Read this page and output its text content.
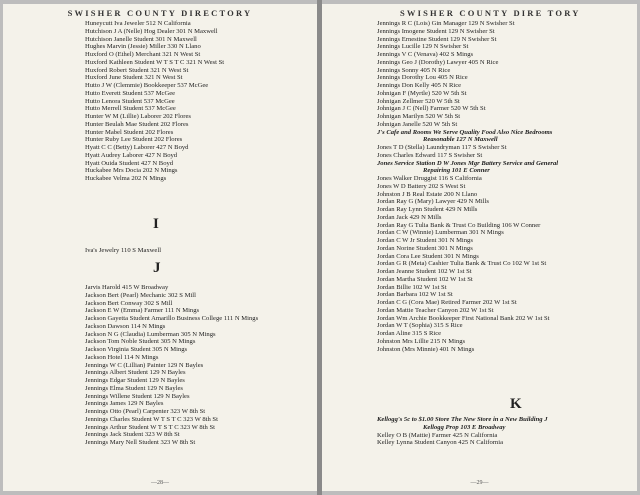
SWISHER COUNTY DIRECTORY
Huneycutt Iva Jeweler 512 N California
Hutchison J A (Nelle) Hog Dealer 301 N Maxwell
Hutchison Janelle Student 301 N Maxwell
Hughes Marvin (Jessie) Miller 330 N Llano
Huxford O (Ethel) Merchant 321 N West St
Huxford Kathleen Student W T S T C 321 N West St
Huxford Robert Student 321 N West St
Huxford June Student 321 N West St
Hutto J W (Clemmie) Bookkeeper 537 McGee
Hutto Everett Student 537 McGee
Hutto Lenora Student 537 McGee
Hutto Merrell Student 537 McGee
Hunter W M (Lillie) Laborer 202 Flores
Hunter Beulah Mae Student 202 Flores
Hunter Mabel Student 202 Flores
Hunter Ruby Lee Student 202 Flores
Hyatt C C (Betty) Laborer 427 N Boyd
Hyatt Audrey Laborer 427 N Boyd
Hyatt Ouida Student 427 N Boyd
Huckabee Mrs Docia 202 N Mings
Huckabee Velma 202 N Mings
I
Iva's Jewelry 110 S Maxwell
J
Jarvis Harold 415 W Broadway
Jackson Bert (Pearl) Mechanic 302 S Mill
Jackson Bert Conway 302 S Mill
Jackson E W (Emma) Farmer 111 N Mings
Jackson Gayetta Student Amarillo Business College 111 N Mings
Jackson Dawson 114 N Mings
Jackson N G (Claudia) Lumberman 305 N Mings
Jackson Tom Noble Student 305 N Mings
Jackson Virginia Student 305 N Mings
Jackson Hotel 114 N Mings
Jennings W C (Lillian) Painter 129 N Bayles
Jennings Albert Student 129 N Bayles
Jennings Edgar Student 129 N Bayles
Jennings Elma Student 129 N Bayles
Jennings Willene Student 129 N Bayles
Jennings James 129 N Bayles
Jennings Otto (Pearl) Carpenter 323 W 8th St
Jennings Charles Student W T S T C 323 W 8th St
Jennings Arthur Student W T S T C 323 W 8th St
Jennings Jack Student 323 W 8th St
Jennings Mary Nell Student 323 W 8th St
—28—
SWISHER COUNTY DIRE TORY
Jennings R C (Lois) Gin Manager 129 N Swisher St
Jennings Imogene Student 129 N Swisher St
Jennings Ernestine Student 129 N Swisher St
Jennings Lucille 129 N Swisher St
Jennings V C (Venava) 402 S Mings
Jennings Geo J (Dorothy) Lawyer 405 N Rice
Jennings Sonny 405 N Rice
Jennings Dorothy Lou 405 N Rice
Jennings Don Kelly 405 N Rice
Johnigan F (Myrtle) 520 W 5th St
Johnigan Zellmer 520 W 5th St
Johnigan J C (Nell) Farmer 520 W 5th St
Johnigan Marilyn 520 W 5th St
Johnigan Janelle 520 W 5th St
J's Cafe and Rooms We Serve Quality Food Also Nice Bedrooms
Reasonable 127 N Maxwell
Jones T D (Stella) Laundryman 117 S Swisher St
Jones Charles Edward 117 S Swisher St
Jones Service Station D W Jones Mgr Battery Service and General
Repairing 101 E Conner
Jones Walker Druggist 116 S California
Jones W D Battery 202 S West St
Johnston J B Real Estate 200 N Llano
Jordan Ray G (Mary) Lawyer 429 N Mills
Jordan Ray Lynn Student 429 N Mills
Jordan Jack 429 N Mills
Jordan Ray G Tulia Bank & Trust Co Building 106 W Conner
Jordan C W (Winnie) Lumberman 301 N Mings
Jordan C W Jr Student 301 N Mings
Jordan Norine Student 301 N Mings
Jordan Cora Lee Student 301 N Mings
Jordan G R (Meta) Cashier Tulia Bank & Trust Co 102 W 1st St
Jordan Jeanne Student 102 W 1st St
Jordan Martha Student 102 W 1st St
Jordan Billie 102 W 1st St
Jordan Barbara 102 W 1st St
Jordan C G (Cora Mae) Retired Farmer 202 W 1st St
Jordan Mattie Teacher Canyon 202 W 1st St
Jordan Wm Archie Bookkeeper First National Bank 202 W 1st St
Jordan W T (Sophia) 315 S Rice
Jordan Aline 315 S Rice
Johnston Mrs Lillie 215 N Mings
Johnston (Mrs Minnie) 401 N Mings
K
Kellogg's 5c to $1.00 Store The New Store in a New Building J
Kellogg Prop 103 E Broadway
Kelley O B (Mattie) Farmer 425 N California
Kelley Lynna Student Canyon 425 N California
—29—
